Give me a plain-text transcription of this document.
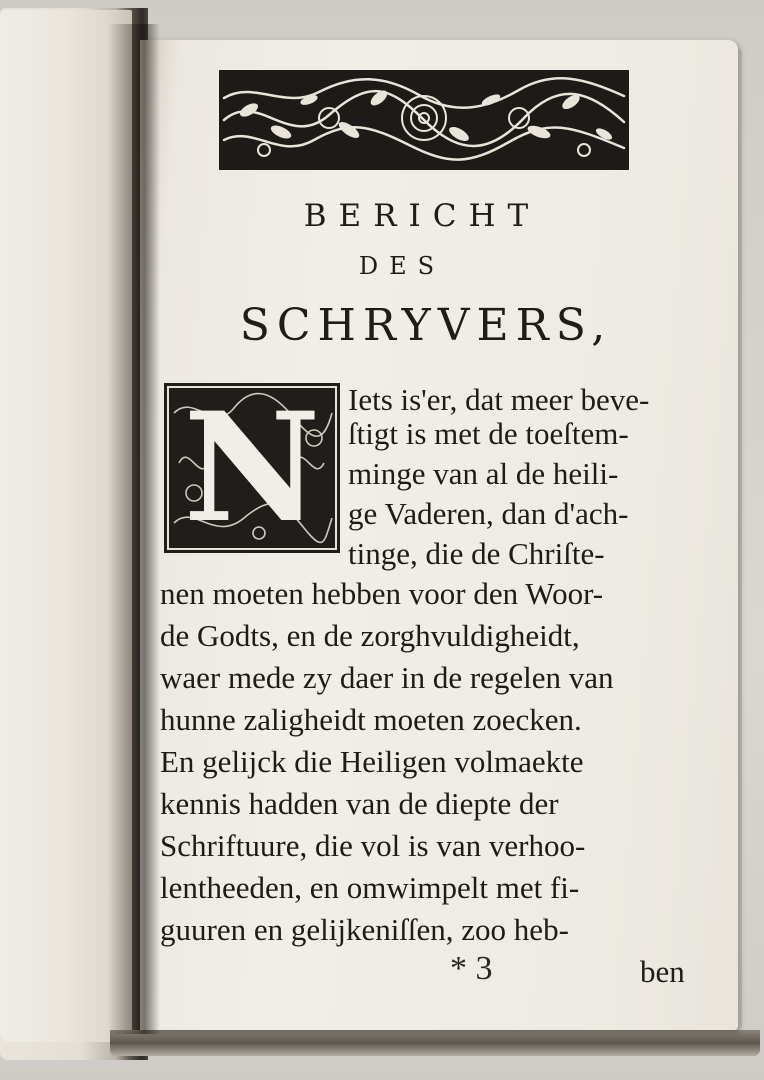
BERICHT
DES
SCHRYVERS,
N Iets is'er, dat meer beve-
ſtigt is met de toeſtem-
minge van al de heili-
ge Vaderen, dan d'ach-
tinge, die de Chriſte-
nen moeten hebben voor den Woor-
de Godts, en de zorghvuldigheidt,
waer mede zy daer in de regelen van
hunne zaligheidt moeten zoecken.
En gelijck die Heiligen volmaekte
kennis hadden van de diepte der
Schriftuure, die vol is van verhoo-
lentheeden, en omwimpelt met fi-
guuren en gelijkeniſſen, zoo heb-
* 3	ben
